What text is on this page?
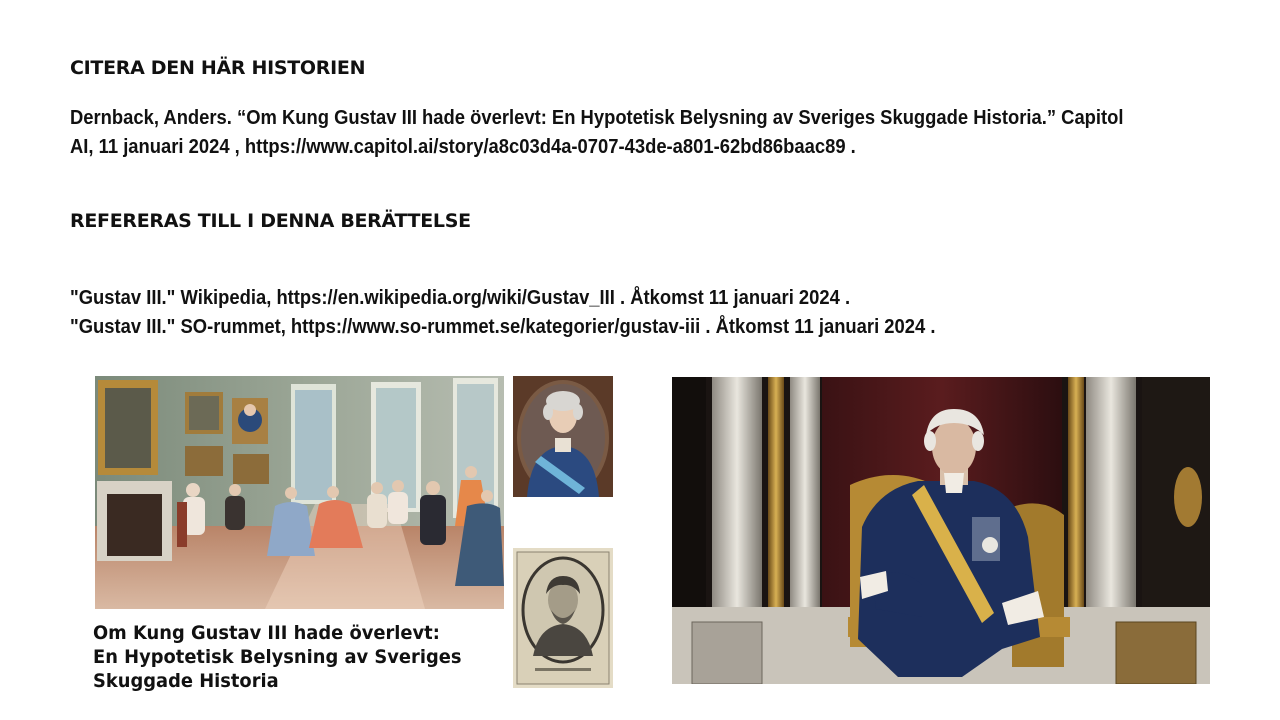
CITERA DEN HÄR HISTORIEN

Dernback, Anders. “Om Kung Gustav III hade överlevt: En Hypotetisk Belysning av Sveriges Skuggade Historia.” Capitol
AI, 11 januari 2024 , https://www.capitol.ai/story/a8c03d4a-0707-43de-a801-62bd86baac89 .

REFERERAS TILL I DENNA BERÄTTELSE

"Gustav III." Wikipedia, https://en.wikipedia.org/wiki/Gustav_III . Åtkomst 11 januari 2024 .
"Gustav III." SO-rummet, https://www.so-rummet.se/kategorier/gustav-iii . Åtkomst 11 januari 2024 .

Om Kung Gustav III hade överlevt:
En Hypotetisk Belysning av Sveriges
Skuggade Historia
